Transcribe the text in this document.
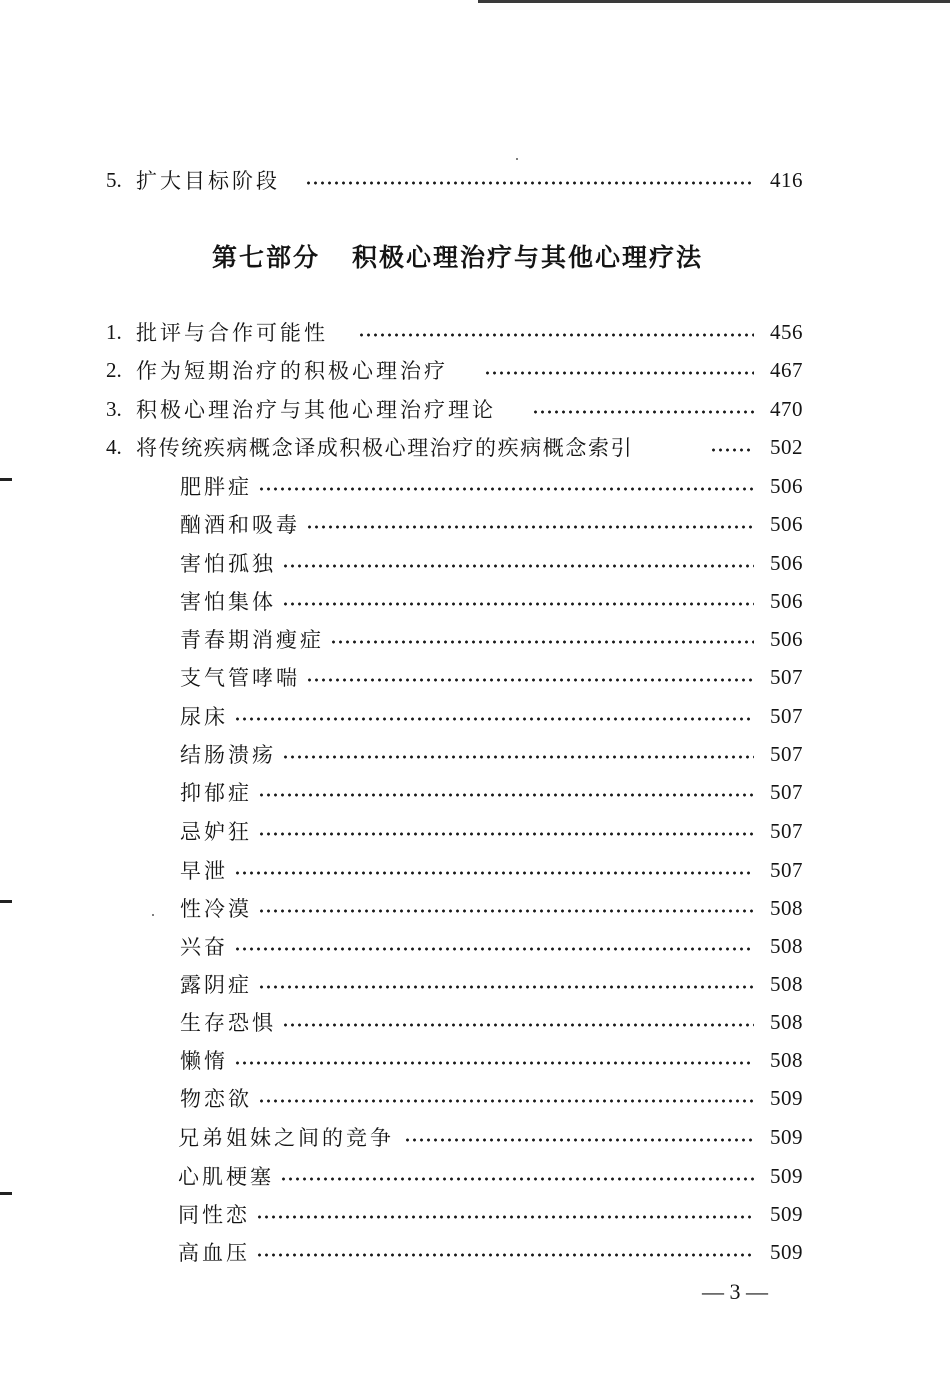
5. 扩大目标阶段	416
第七部分   积极心理治疗与其他心理疗法
1. 批评与合作可能性	456
2. 作为短期治疗的积极心理治疗	467
3. 积极心理治疗与其他心理治疗理论	470
4. 将传统疾病概念译成积极心理治疗的疾病概念索引	502
肥胖症	506
酗酒和吸毒	506
害怕孤独	506
害怕集体	506
青春期消瘦症	506
支气管哮喘	507
尿床	507
结肠溃疡	507
抑郁症	507
忌妒狂	507
早泄	507
性冷漠	508
兴奋	508
露阴症	508
生存恐惧	508
懒惰	508
物恋欲	509
兄弟姐妹之间的竞争	509
心肌梗塞	509
同性恋	509
高血压	509
— 3 —
